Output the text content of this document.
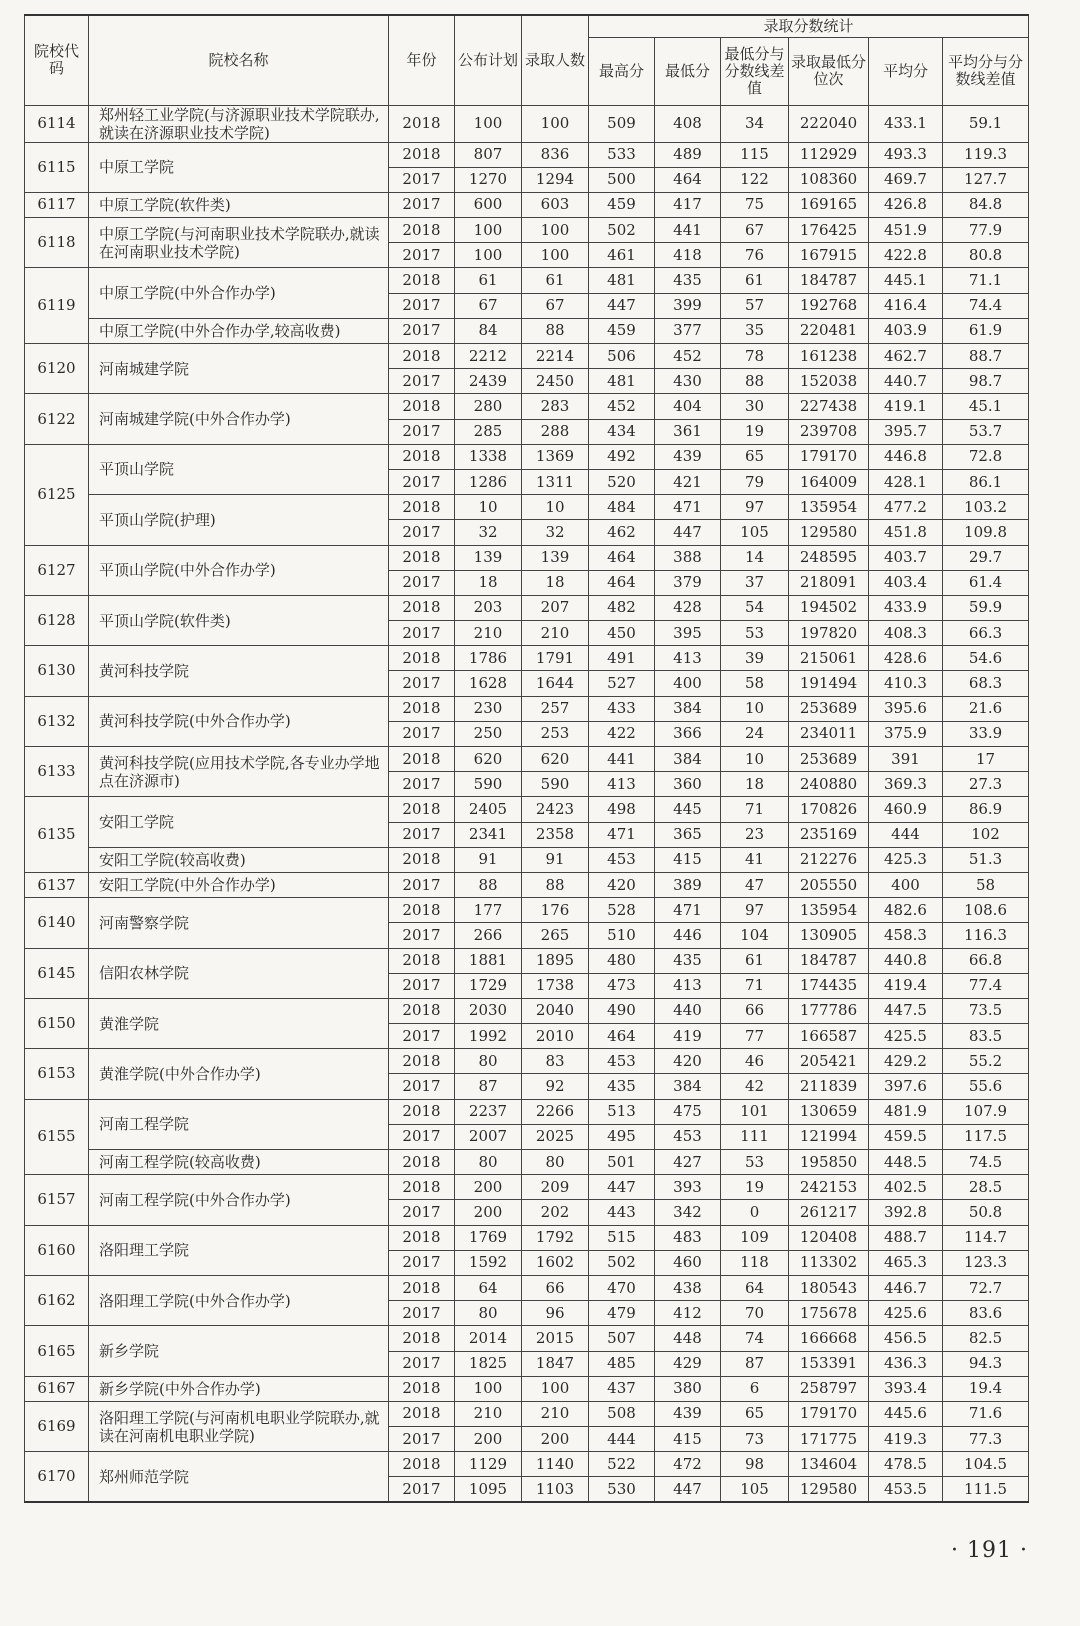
院校代码	院校名称	年份	公布计划	录取人数	录取分数统计					
					最高分	最低分	最低分与分数线差值	录取最低分位次	平均分	平均分与分数线差值
6114	郑州轻工业学院(与济源职业技术学院联办,就读在济源职业技术学院)	2018	100	100	509	408	34	222040	433.1	59.1
6115	中原工学院	2018	807	836	533	489	115	112929	493.3	119.3
		2017	1270	1294	500	464	122	108360	469.7	127.7
6117	中原工学院(软件类)	2017	600	603	459	417	75	169165	426.8	84.8
6118	中原工学院(与河南职业技术学院联办,就读在河南职业技术学院)	2018	100	100	502	441	67	176425	451.9	77.9
		2017	100	100	461	418	76	167915	422.8	80.8
6119	中原工学院(中外合作办学)	2018	61	61	481	435	61	184787	445.1	71.1
		2017	67	67	447	399	57	192768	416.4	74.4
	中原工学院(中外合作办学,较高收费)	2017	84	88	459	377	35	220481	403.9	61.9
6120	河南城建学院	2018	2212	2214	506	452	78	161238	462.7	88.7
		2017	2439	2450	481	430	88	152038	440.7	98.7
6122	河南城建学院(中外合作办学)	2018	280	283	452	404	30	227438	419.1	45.1
		2017	285	288	434	361	19	239708	395.7	53.7
6125	平顶山学院	2018	1338	1369	492	439	65	179170	446.8	72.8
		2017	1286	1311	520	421	79	164009	428.1	86.1
	平顶山学院(护理)	2018	10	10	484	471	97	135954	477.2	103.2
		2017	32	32	462	447	105	129580	451.8	109.8
6127	平顶山学院(中外合作办学)	2018	139	139	464	388	14	248595	403.7	29.7
		2017	18	18	464	379	37	218091	403.4	61.4
6128	平顶山学院(软件类)	2018	203	207	482	428	54	194502	433.9	59.9
		2017	210	210	450	395	53	197820	408.3	66.3
6130	黄河科技学院	2018	1786	1791	491	413	39	215061	428.6	54.6
		2017	1628	1644	527	400	58	191494	410.3	68.3
6132	黄河科技学院(中外合作办学)	2018	230	257	433	384	10	253689	395.6	21.6
		2017	250	253	422	366	24	234011	375.9	33.9
6133	黄河科技学院(应用技术学院,各专业办学地点在济源市)	2018	620	620	441	384	10	253689	391	17
		2017	590	590	413	360	18	240880	369.3	27.3
6135	安阳工学院	2018	2405	2423	498	445	71	170826	460.9	86.9
		2017	2341	2358	471	365	23	235169	444	102
	安阳工学院(较高收费)	2018	91	91	453	415	41	212276	425.3	51.3
6137	安阳工学院(中外合作办学)	2017	88	88	420	389	47	205550	400	58
6140	河南警察学院	2018	177	176	528	471	97	135954	482.6	108.6
		2017	266	265	510	446	104	130905	458.3	116.3
6145	信阳农林学院	2018	1881	1895	480	435	61	184787	440.8	66.8
		2017	1729	1738	473	413	71	174435	419.4	77.4
6150	黄淮学院	2018	2030	2040	490	440	66	177786	447.5	73.5
		2017	1992	2010	464	419	77	166587	425.5	83.5
6153	黄淮学院(中外合作办学)	2018	80	83	453	420	46	205421	429.2	55.2
		2017	87	92	435	384	42	211839	397.6	55.6
6155	河南工程学院	2018	2237	2266	513	475	101	130659	481.9	107.9
		2017	2007	2025	495	453	111	121994	459.5	117.5
	河南工程学院(较高收费)	2018	80	80	501	427	53	195850	448.5	74.5
6157	河南工程学院(中外合作办学)	2018	200	209	447	393	19	242153	402.5	28.5
		2017	200	202	443	342	0	261217	392.8	50.8
6160	洛阳理工学院	2018	1769	1792	515	483	109	120408	488.7	114.7
		2017	1592	1602	502	460	118	113302	465.3	123.3
6162	洛阳理工学院(中外合作办学)	2018	64	66	470	438	64	180543	446.7	72.7
		2017	80	96	479	412	70	175678	425.6	83.6
6165	新乡学院	2018	2014	2015	507	448	74	166668	456.5	82.5
		2017	1825	1847	485	429	87	153391	436.3	94.3
6167	新乡学院(中外合作办学)	2018	100	100	437	380	6	258797	393.4	19.4
6169	洛阳理工学院(与河南机电职业学院联办,就读在河南机电职业学院)	2018	210	210	508	439	65	179170	445.6	71.6
		2017	200	200	444	415	73	171775	419.3	77.3
6170	郑州师范学院	2018	1129	1140	522	472	98	134604	478.5	104.5
		2017	1095	1103	530	447	105	129580	453.5	111.5
· 191 ·
